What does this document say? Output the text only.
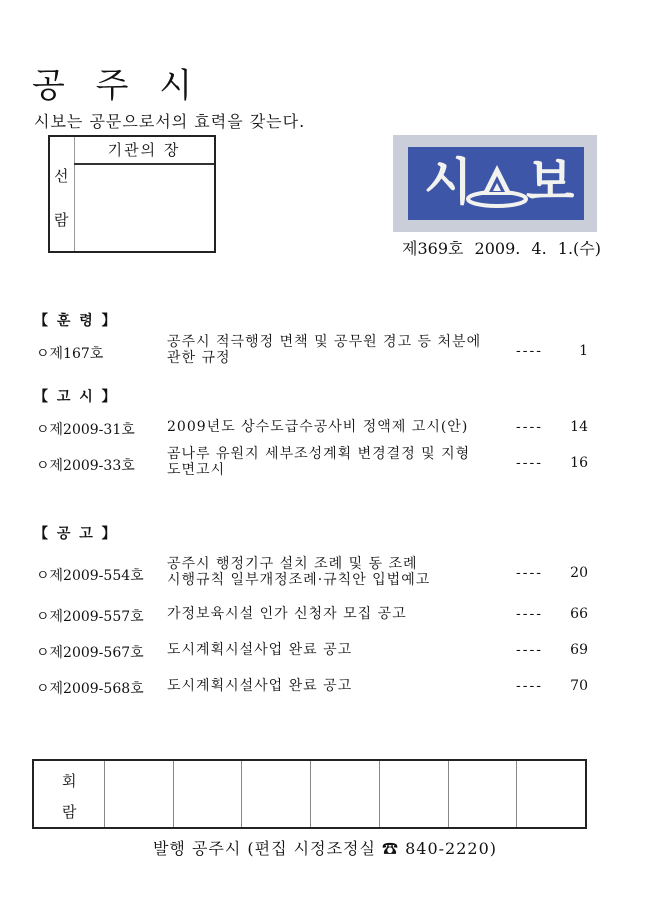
공 주 시
시보는 공문으로서의 효력을 갖는다.
선
람
기관의 장
시 보
제369호 2009. 4. 1.(수)
【 훈 령 】
ㅇ제167호
공주시 적극행정 면책 및 공무원 경고 등 처분에
관한 규정	----	1
【 고 시 】
ㅇ제2009-31호 2009년도 상수도급수공사비 정액제 고시(안)	---- 14
ㅇ제2009-33호
곰나루 유원지 세부조성계획 변경결정 및 지형
도면고시	---- 16
【 공 고 】
ㅇ제2009-554호
공주시 행정기구 설치 조례 및 동 조례
시행규칙 일부개정조례·규칙안 입법예고	---- 20
ㅇ제2009-557호 가정보육시설 인가 신청자 모집 공고	---- 66
ㅇ제2009-567호 도시계획시설사업 완료 공고	---- 69
ㅇ제2009-568호 도시계획시설사업 완료 공고	---- 70
회
람
발행 공주시 (편집 시정조정실 ☎ 840-2220)
